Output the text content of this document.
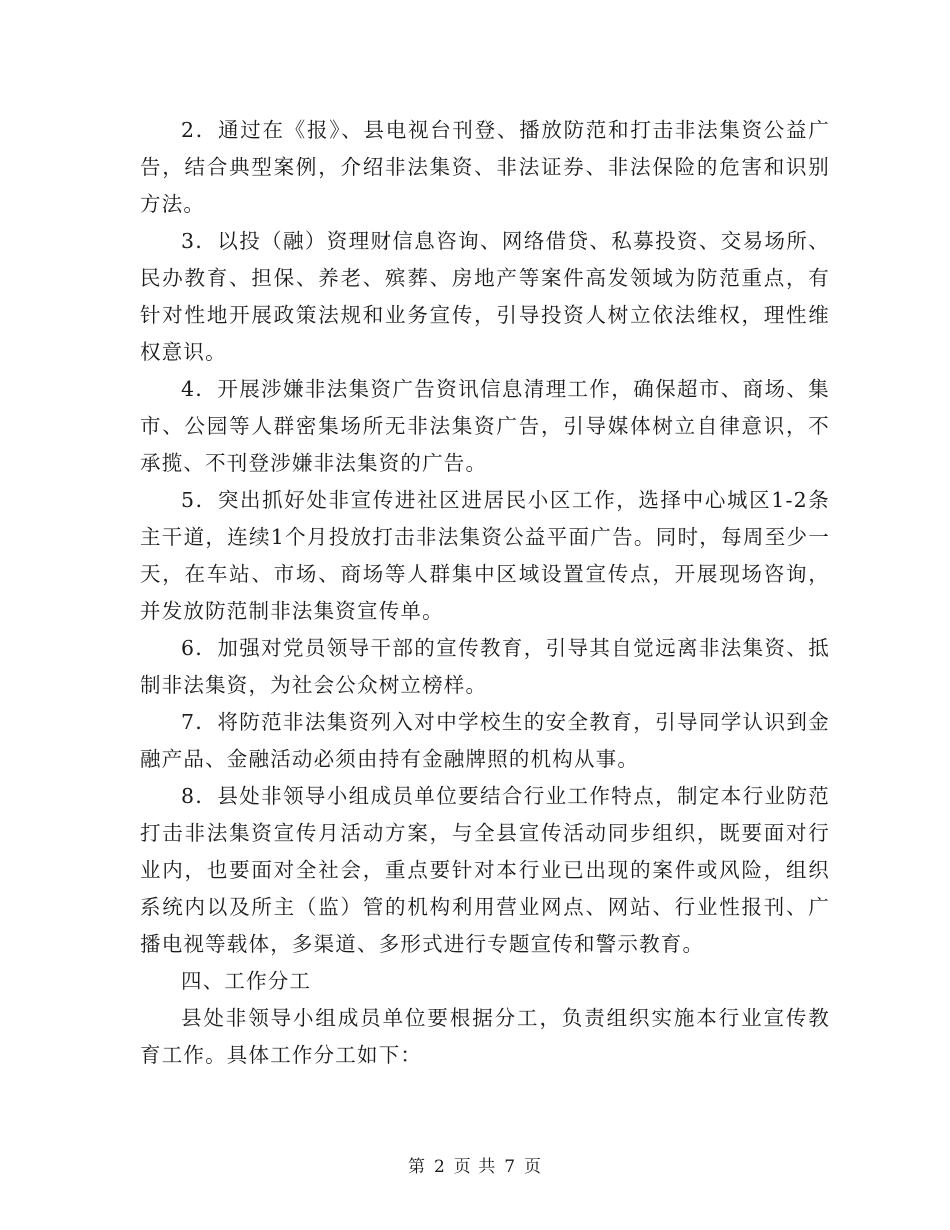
2．通过在《报》、县电视台刊登、播放防范和打击非法集资公益广告，结合典型案例，介绍非法集资、非法证券、非法保险的危害和识别方法。

3．以投（融）资理财信息咨询、网络借贷、私募投资、交易场所、民办教育、担保、养老、殡葬、房地产等案件高发领域为防范重点，有针对性地开展政策法规和业务宣传，引导投资人树立依法维权，理性维权意识。

4．开展涉嫌非法集资广告资讯信息清理工作，确保超市、商场、集市、公园等人群密集场所无非法集资广告，引导媒体树立自律意识，不承揽、不刊登涉嫌非法集资的广告。

5．突出抓好处非宣传进社区进居民小区工作，选择中心城区1-2条主干道，连续1个月投放打击非法集资公益平面广告。同时，每周至少一天，在车站、市场、商场等人群集中区域设置宣传点，开展现场咨询，并发放防范制非法集资宣传单。

6．加强对党员领导干部的宣传教育，引导其自觉远离非法集资、抵制非法集资，为社会公众树立榜样。

7．将防范非法集资列入对中学校生的安全教育，引导同学认识到金融产品、金融活动必须由持有金融牌照的机构从事。

8．县处非领导小组成员单位要结合行业工作特点，制定本行业防范打击非法集资宣传月活动方案，与全县宣传活动同步组织，既要面对行业内，也要面对全社会，重点要针对本行业已出现的案件或风险，组织系统内以及所主（监）管的机构利用营业网点、网站、行业性报刊、广播电视等载体，多渠道、多形式进行专题宣传和警示教育。

四、工作分工

县处非领导小组成员单位要根据分工，负责组织实施本行业宣传教育工作。具体工作分工如下：

第 2 页 共 7 页
